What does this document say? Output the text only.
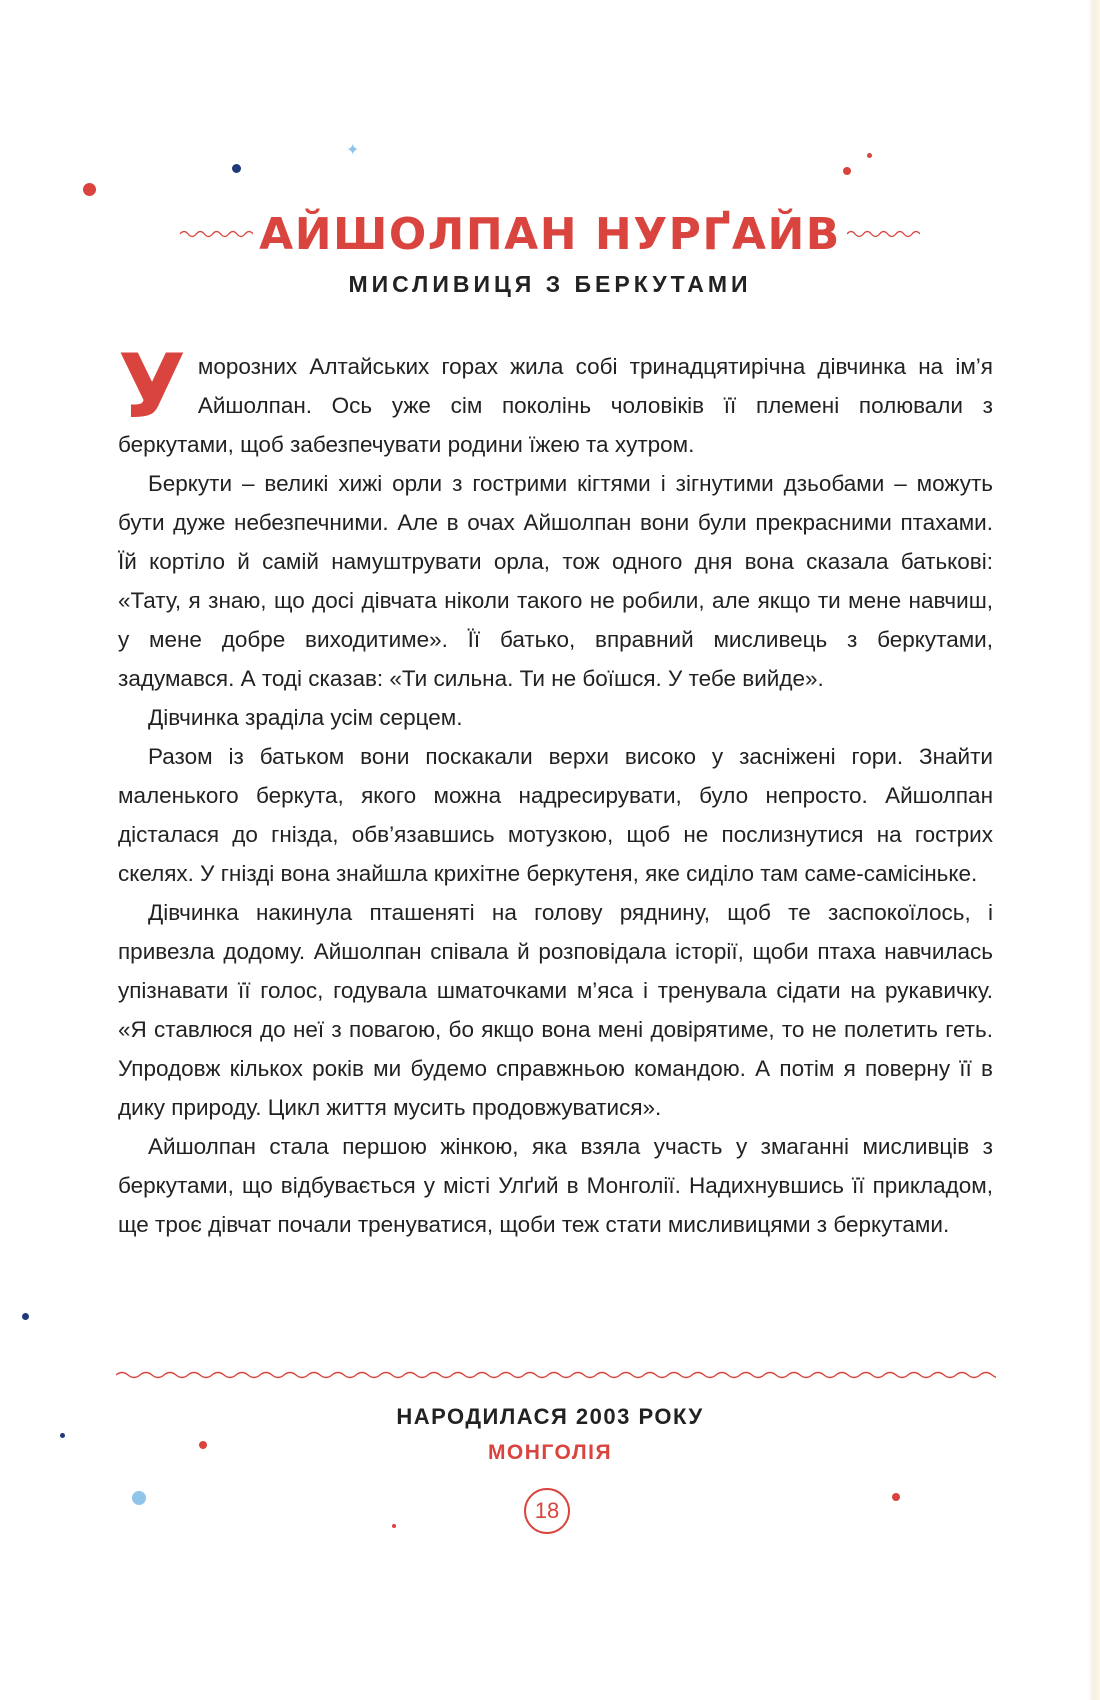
✦
АЙШОЛПАН НУРҐАЙВ
МИСЛИВИЦЯ З БЕРКУТАМИ

Уморозних Алтайських горах жила собі тринадцятирічна дівчинка на ім’я Айшолпан. Ось уже сім поколінь чоловіків її племені полювали з беркутами, щоб забезпечувати родини їжею та хутром.

Беркути – великі хижі орли з гострими кігтями і зігнутими дзьобами – можуть бути дуже небезпечними. Але в очах Айшолпан вони були прекрасними птахами. Їй кортіло й самій намуштрувати орла, тож одного дня вона сказала батькові: «Тату, я знаю, що досі дівчата ніколи такого не робили, але якщо ти мене навчиш, у мене добре виходитиме». Її батько, вправний мисливець з беркутами, задумався. А тоді сказав: «Ти сильна. Ти не боїшся. У тебе вийде».

Дівчинка зраділа усім серцем.

Разом із батьком вони поскакали верхи високо у засніжені гори. Знайти маленького беркута, якого можна надресирувати, було непросто. Айшолпан дісталася до гнізда, обв’язавшись мотузкою, щоб не послизнутися на гострих скелях. У гнізді вона знайшла крихітне беркутеня, яке сиділо там саме-самісіньке.

Дівчинка накинула пташеняті на голову ряднину, щоб те заспокоїлось, і привезла додому. Айшолпан співала й розповідала історії, щоби птаха навчилась упізнавати її голос, годувала шматочками м’яса і тренувала сідати на рукавичку. «Я ставлюся до неї з повагою, бо якщо вона мені довірятиме, то не полетить геть. Упродовж кількох років ми будемо справжньою командою. А потім я поверну її в дику природу. Цикл життя мусить продовжуватися».

Айшолпан стала першою жінкою, яка взяла участь у змаганні мисливців з беркутами, що відбувається у місті Улґий в Монголії. Надихнувшись її прикладом, ще троє дівчат почали тренуватися, щоби теж стати мисливицями з беркутами.

НАРОДИЛАСЯ 2003 РОКУ
МОНГОЛІЯ
18
